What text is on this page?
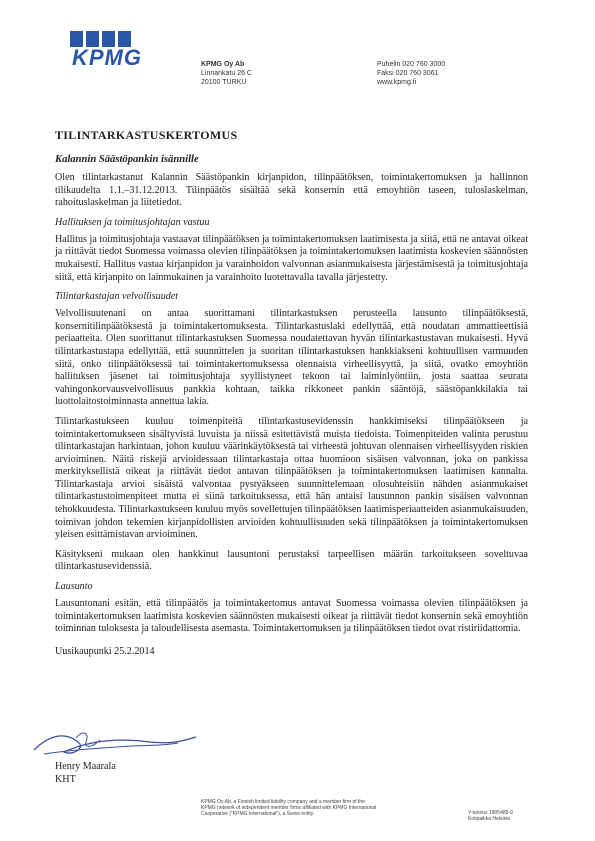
KPMG	KPMG Oy Ab
Linnankatu 26 C
20100 TURKU
Puhelin 020 760 3000
Faksi 020 760 3061
www.kpmg.fi
TILINTARKASTUSKERTOMUS
Kalannin Säästöpankin isännille

Olen tilintarkastanut Kalannin Säästöpankin kirjanpidon, tilinpäätöksen, toimintakertomuksen ja hallinnon tilikaudelta 1.1.–31.12.2013. Tilinpäätös sisältää sekä konsernin että emoyhtiön taseen, tuloslaskelman, rahoituslaskelman ja liitetiedot.

Hallituksen ja toimitusjohtajan vastuu

Hallitus ja toimitusjohtaja vastaavat tilinpäätöksen ja toimintakertomuksen laatimisesta ja siitä, että ne antavat oikeat ja riittävät tiedot Suomessa voimassa olevien tilinpäätöksen ja toimintakertomuksen laatimista koskevien säännösten mukaisesti. Hallitus vastaa kirjanpidon ja varainhoidon valvonnan asianmukaisesta järjestämisestä ja toimitusjohtaja siitä, että kirjanpito on lainmukainen ja varainhoito luotettavalla tavalla järjestetty.

Tilintarkastajan velvollisuudet

Velvollisuutenani on antaa suorittamani tilintarkastuksen perusteella lausunto tilinpäätöksestä, konsernitilinpäätöksestä ja toimintakertomuksesta. Tilintarkastuslaki edellyttää, että noudatan ammattieettisiä periaatteita. Olen suorittanut tilintarkastuksen Suomessa noudatettavan hyvän tilintarkastustavan mukaisesti. Hyvä tilintarkastustapa edellyttää, että suunnittelen ja suoritan tilintarkastuksen hankkiakseni kohtuullisen varmuuden siitä, onko tilinpäätöksessä tai toimintakertomuksessa olennaista virheellisyyttä, ja siitä, ovatko emoyhtiön hallituksen jäsenet tai toimitusjohtaja syyllistyneet tekoon tai laiminlyöntiin, josta saattaa seurata vahingonkorvausvelvollisuus pankkia kohtaan, taikka rikkoneet pankin sääntöjä, säästöpankkilakia tai luottolaitostoiminnasta annettua lakia.

Tilintarkastukseen kuuluu toimenpiteitä tilintarkastusevidenssin hankkimiseksi tilinpäätökseen ja toimintakertomukseen sisältyvistä luvuista ja niissä esitettävistä muista tiedoista. Toimenpiteiden valinta perustuu tilintarkastajan harkintaan, johon kuuluu väärinkäytöksestä tai virheestä johtuvan olennaisen virheellisyyden riskien arvioiminen. Näitä riskejä arvioidessaan tilintarkastaja ottaa huomioon sisäisen valvonnan, joka on pankissa merkityksellistä oikeat ja riittävät tiedot antavan tilinpäätöksen ja toimintakertomuksen laatimisen kannalta. Tilintarkastaja arvioi sisäistä valvontaa pystyäkseen suunnittelemaan olosuhteisiin nähden asianmukaiset tilintarkastustoimenpiteet mutta ei siinä tarkoituksessa, että hän antaisi lausunnon pankin sisäisen valvonnan tehokkuudesta. Tilintarkastukseen kuuluu myös sovellettujen tilinpäätöksen laatimisperiaatteiden asianmukaisuuden, toimivan johdon tekemien kirjanpidollisten arvioiden kohtuullisuuden sekä tilinpäätöksen ja toimintakertomuksen yleisen esittämistavan arvioiminen.

Käsitykseni mukaan olen hankkinut lausuntoni perustaksi tarpeellisen määrän tarkoitukseen soveltuvaa tilintarkastusevidenssiä.

Lausunto

Lausuntonani esitän, että tilinpäätös ja toimintakertomus antavat Suomessa voimassa olevien tilinpäätöksen ja toimintakertomuksen laatimista koskevien säännösten mukaisesti oikeat ja riittävät tiedot konsernin sekä emoyhtiön toiminnan tuloksesta ja taloudellisesta asemasta. Toimintakertomuksen ja tilinpäätöksen tiedot ovat ristiriidattomia.

Uusikaupunki 25.2.2014
Henry Maarala
KHT
KPMG Oy Ab, a Finnish limited liability company and a member firm of the KPMG network of independent member firms affiliated with KPMG International Cooperative ("KPMG International"), a Swiss entity.	Y-tunnus 1805485-9
Kotipaikka Helsinki
